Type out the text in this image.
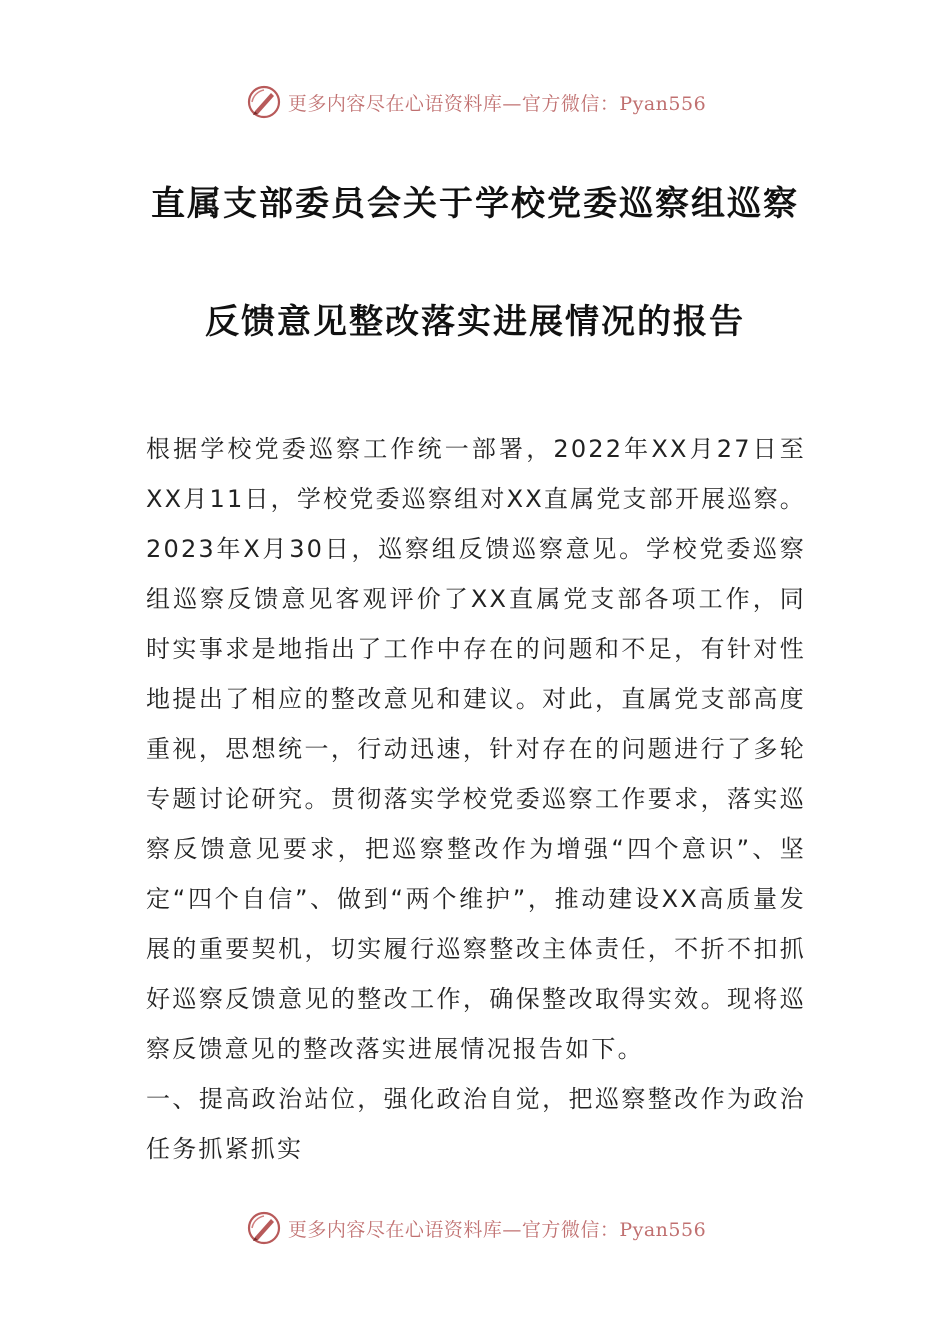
更多内容尽在心语资料库—官方微信：Pyan556
直属支部委员会关于学校党委巡察组巡察
反馈意见整改落实进展情况的报告

根据学校党委巡察工作统一部署，2022年XX月27日至XX月11日，学校党委巡察组对XX直属党支部开展巡察。2023年X月30日，巡察组反馈巡察意见。学校党委巡察组巡察反馈意见客观评价了XX直属党支部各项工作，同时实事求是地指出了工作中存在的问题和不足，有针对性地提出了相应的整改意见和建议。对此，直属党支部高度重视，思想统一，行动迅速，针对存在的问题进行了多轮专题讨论研究。贯彻落实学校党委巡察工作要求，落实巡察反馈意见要求，把巡察整改作为增强“四个意识”、坚定“四个自信”、做到“两个维护”，推动建设XX高质量发展的重要契机，切实履行巡察整改主体责任，不折不扣抓好巡察反馈意见的整改工作，确保整改取得实效。现将巡察反馈意见的整改落实进展情况报告如下。

一、提高政治站位，强化政治自觉，把巡察整改作为政治任务抓紧抓实

更多内容尽在心语资料库—官方微信：Pyan556
